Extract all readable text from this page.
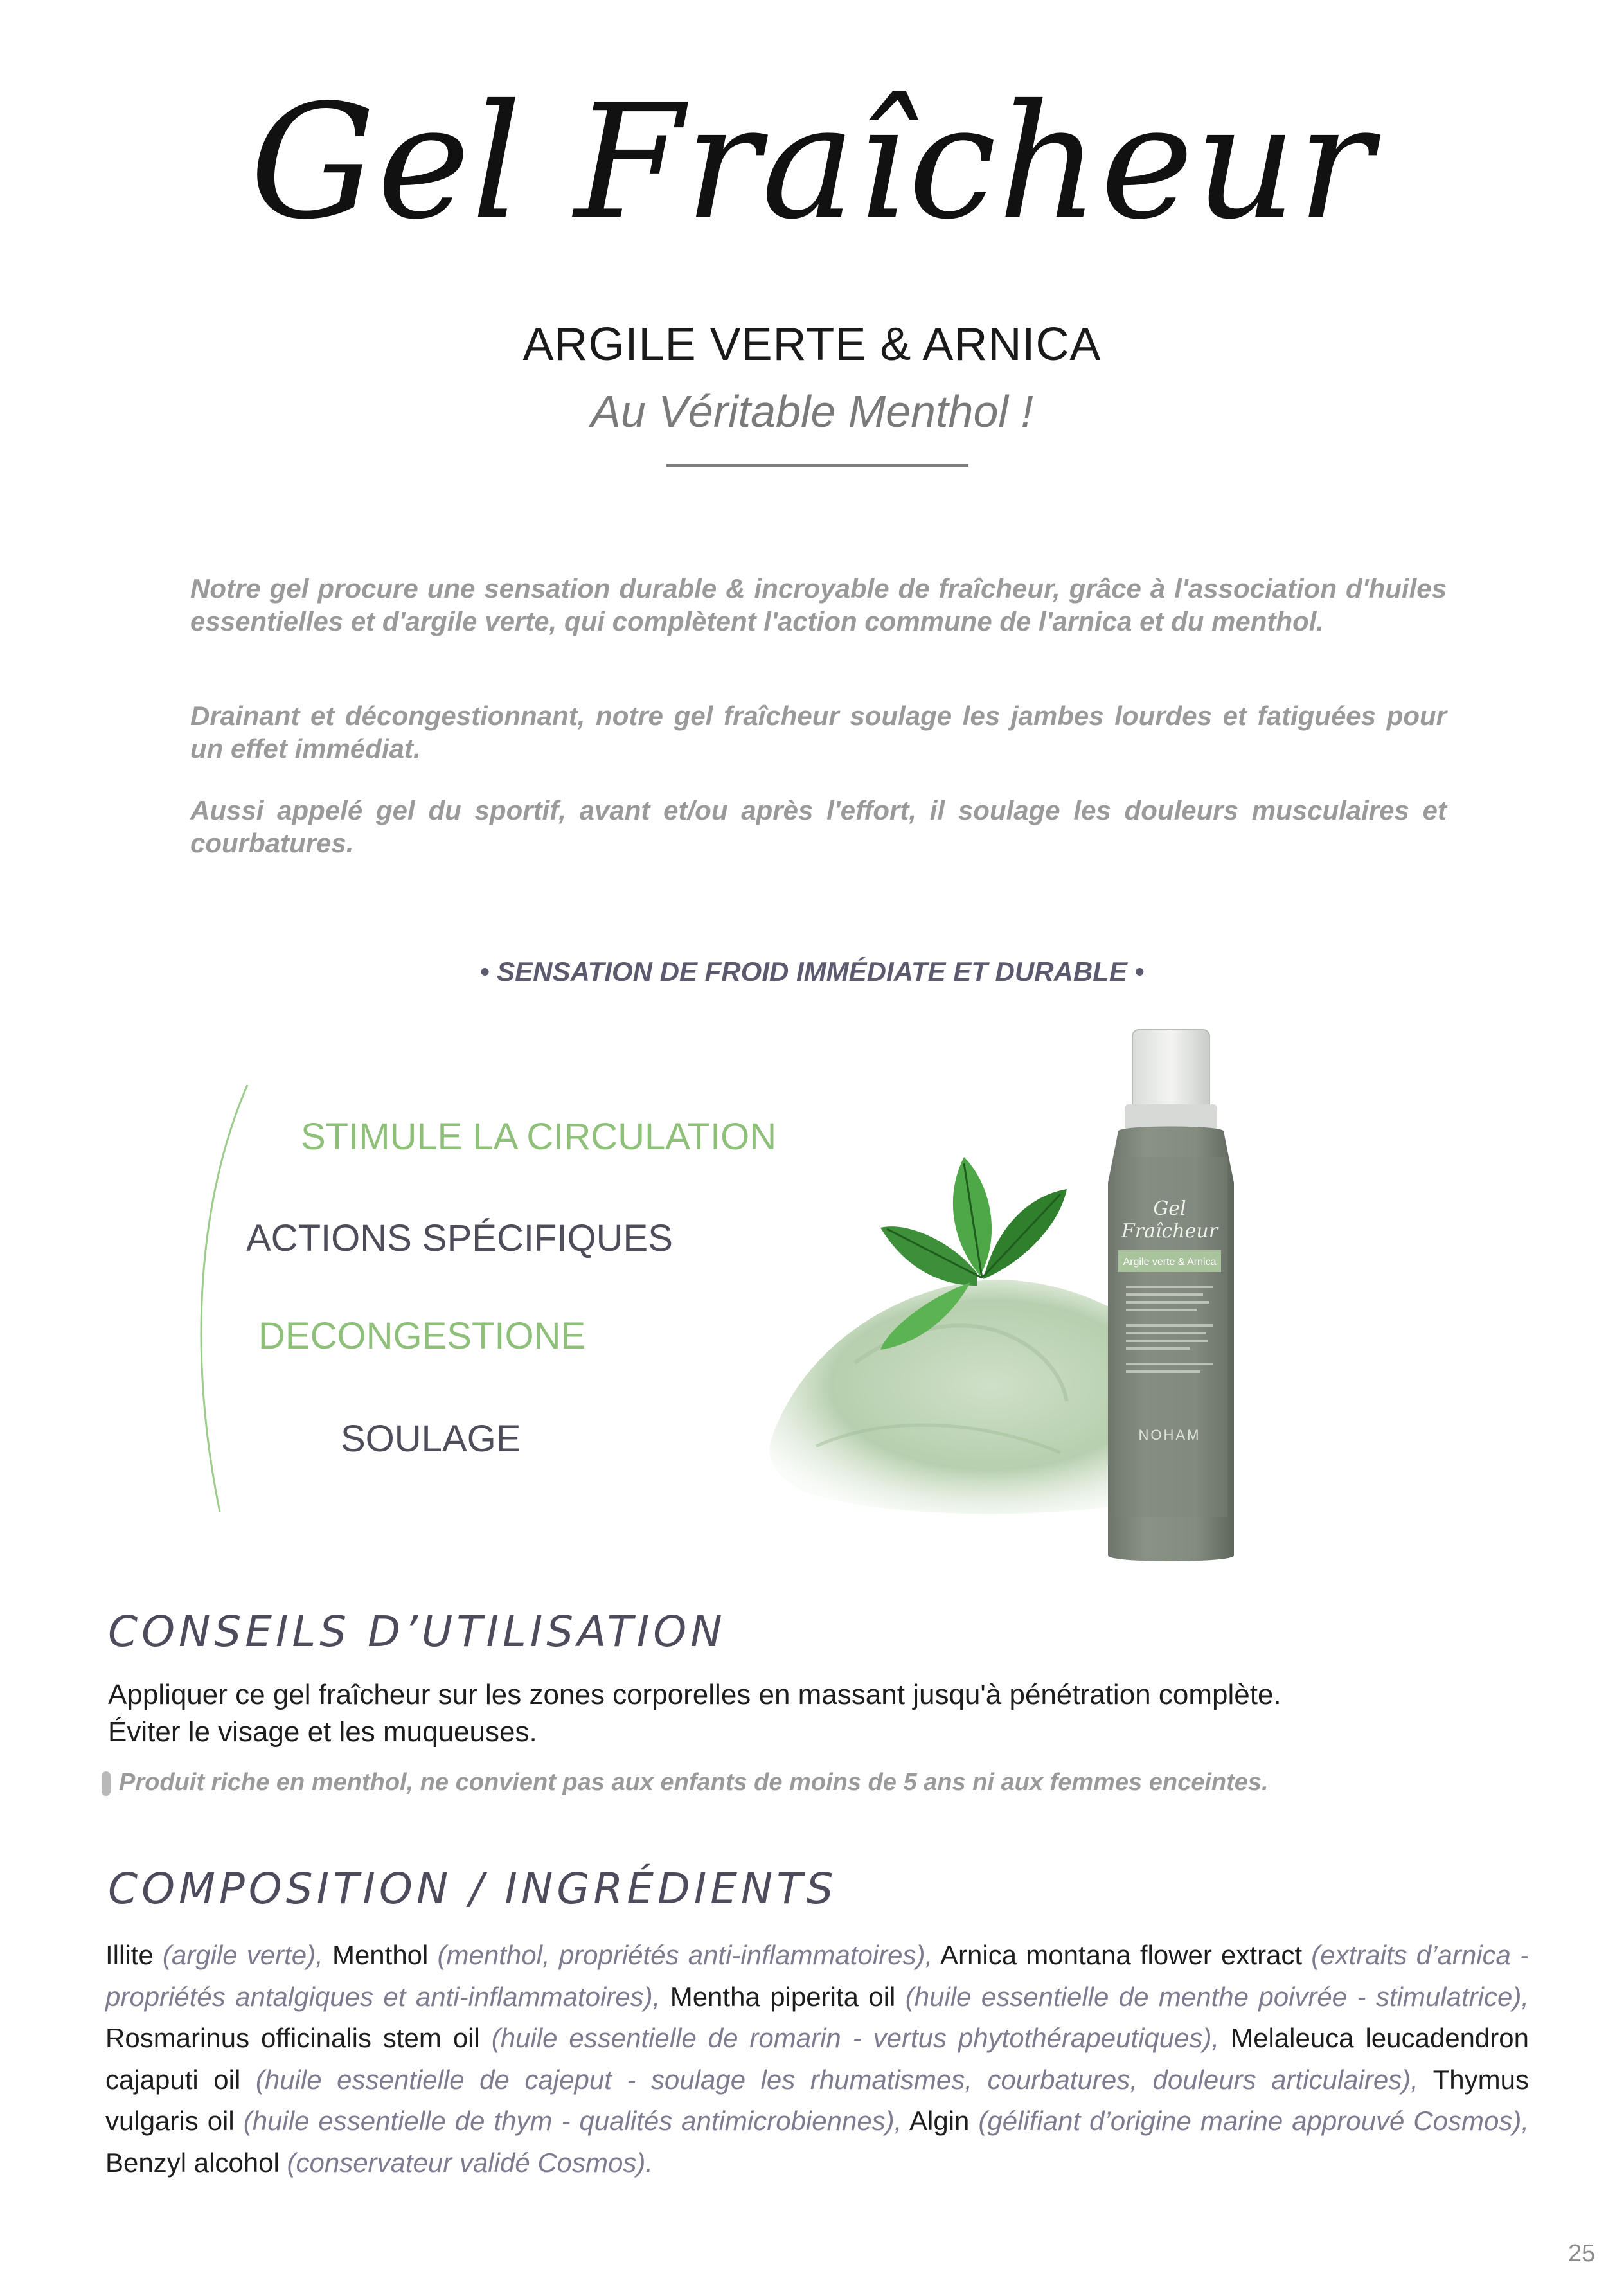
Gel Fraîcheur
ARGILE VERTE & ARNICA
Au Véritable Menthol !

Notre gel procure une sensation durable & incroyable de fraîcheur, grâce à l'association d'huiles essentielles et d'argile verte, qui complètent l'action commune de l'arnica et du menthol.

Drainant et décongestionnant, notre gel fraîcheur soulage les jambes lourdes et fatiguées pour un effet immédiat.

Aussi appelé gel du sportif, avant et/ou après l'effort, il soulage les douleurs musculaires et courbatures.

• SENSATION DE FROID IMMÉDIATE ET DURABLE •
STIMULE LA CIRCULATION
ACTIONS SPÉCIFIQUES
DECONGESTIONE
SOULAGE
Gel
Fraîcheur
Argile verte & Arnica
NOHAM
CONSEILS D’UTILISATION
Appliquer ce gel fraîcheur sur les zones corporelles en massant jusqu'à pénétration complète.
Éviter le visage et les muqueuses.
Produit riche en menthol, ne convient pas aux enfants de moins de 5 ans ni aux femmes enceintes.
COMPOSITION / INGRÉDIENTS

Illite (argile verte), Menthol (menthol, propriétés anti-inflammatoires), Arnica montana flower extract (extraits d’arnica - propriétés antalgiques et anti-inflammatoires), Mentha piperita oil (huile essentielle de menthe poivrée - stimulatrice), Rosmarinus officinalis stem oil (huile essentielle de romarin - vertus phytothérapeutiques), Melaleuca leucadendron cajaputi oil (huile essentielle de cajeput - soulage les rhumatismes, courbatures, douleurs articulaires), Thymus vulgaris oil (huile essentielle de thym - qualités antimicrobiennes), Algin (gélifiant d’origine marine approuvé Cosmos), Benzyl alcohol (conservateur validé Cosmos).

25
